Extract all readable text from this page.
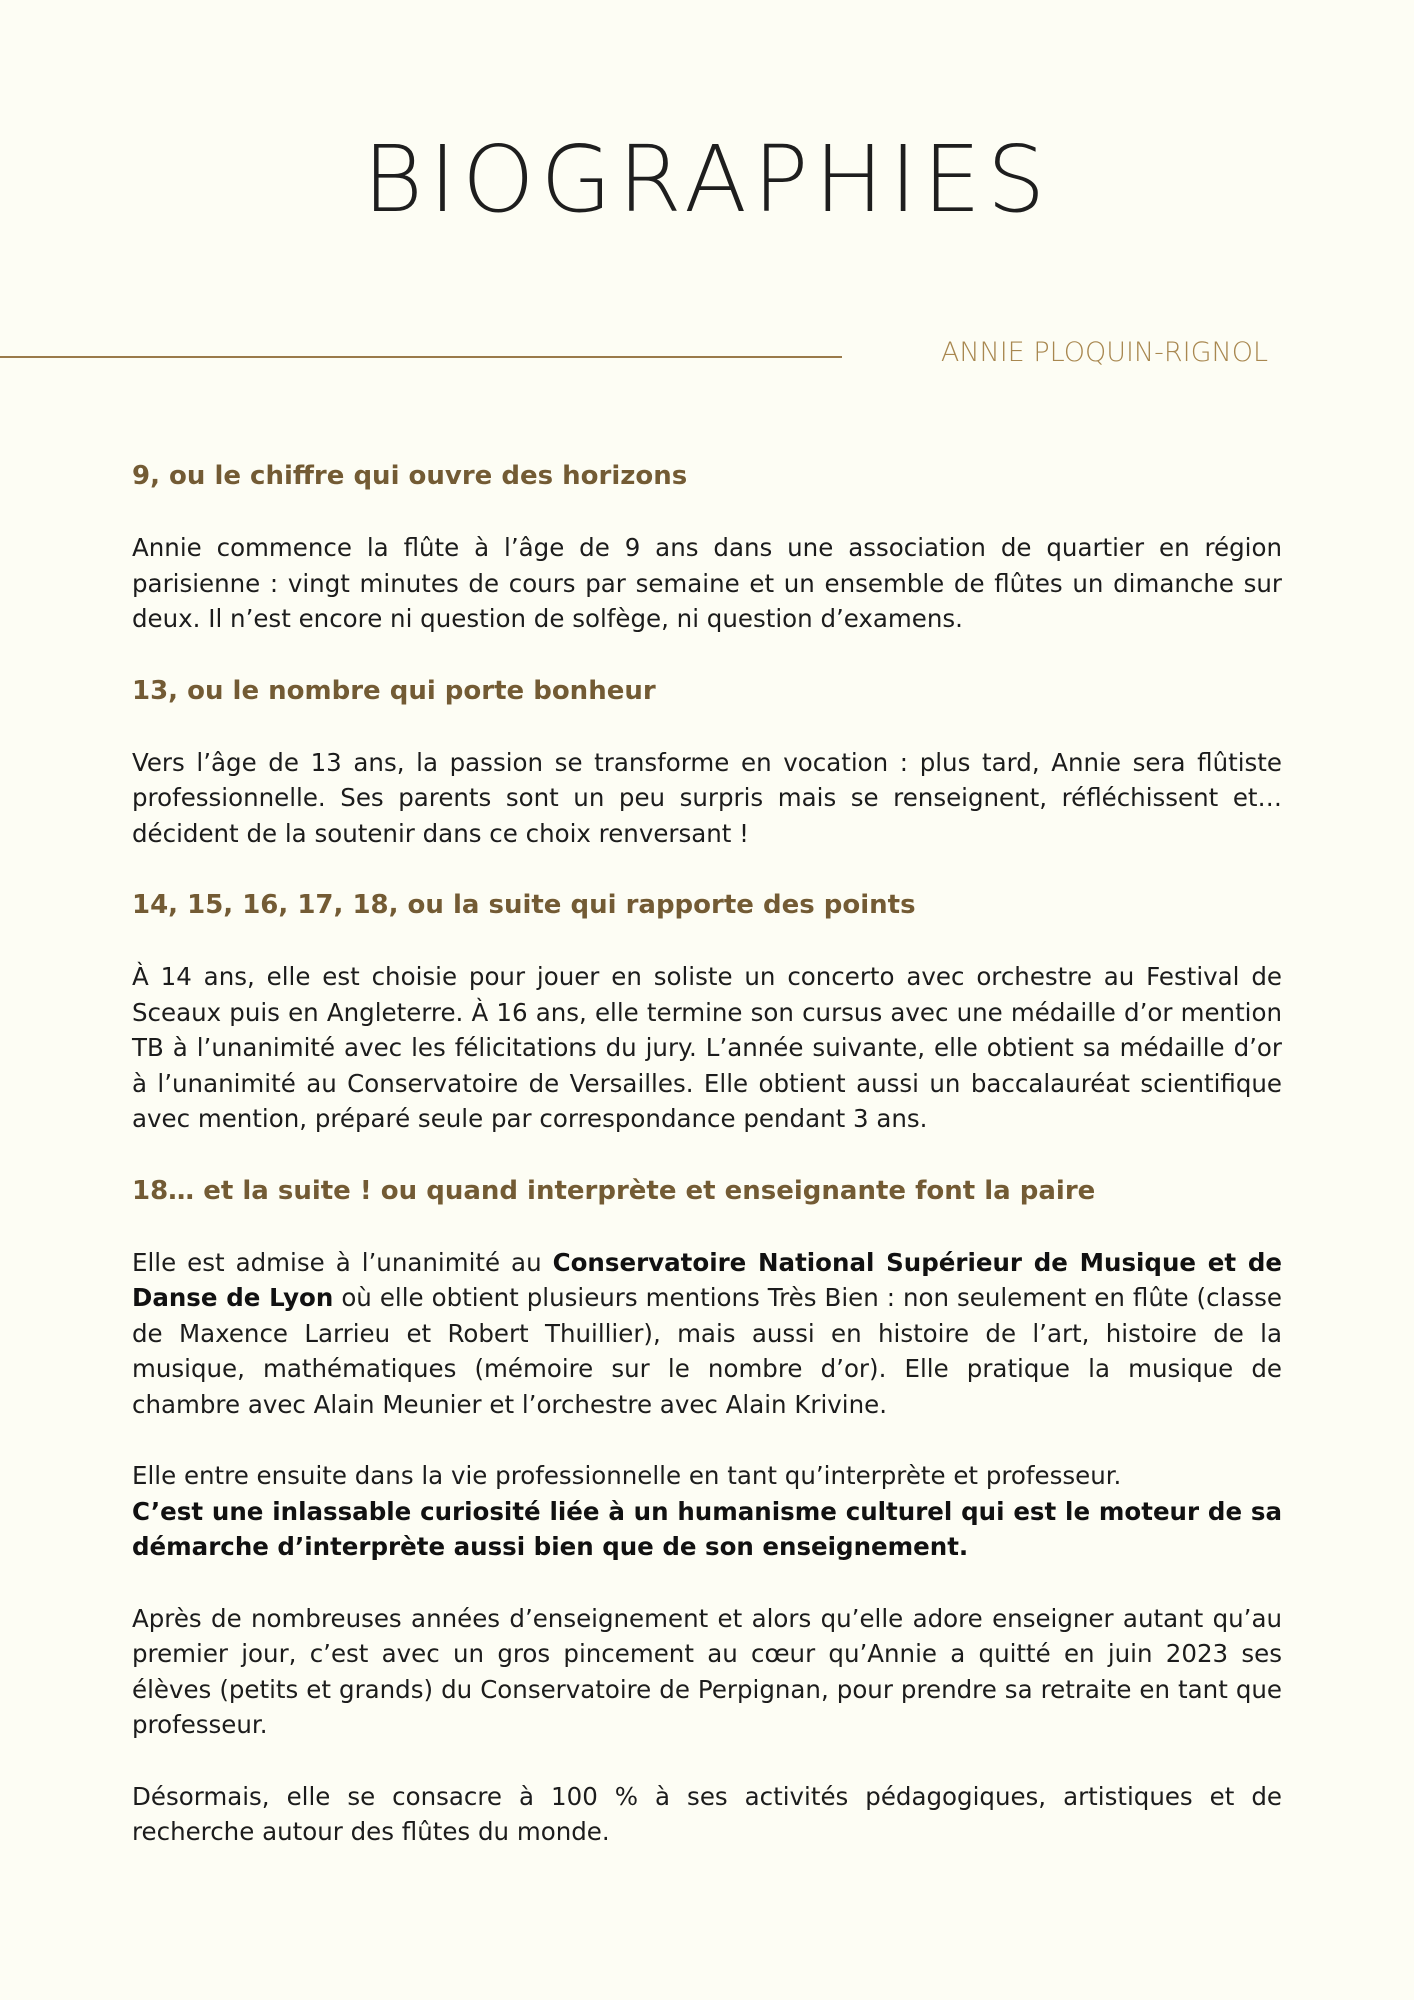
BIOGRAPHIES
ANNIE PLOQUIN-RIGNOL
9, ou le chiffre qui ouvre des horizons

Annie commence la flûte à l’âge de 9 ans dans une association de quartier en région parisienne : vingt minutes de cours par semaine et un ensemble de flûtes un dimanche sur deux. Il n’est encore ni question de solfège, ni question d’examens.

13, ou le nombre qui porte bonheur

Vers l’âge de 13 ans, la passion se transforme en vocation : plus tard, Annie sera flûtiste professionnelle. Ses parents sont un peu surpris mais se renseignent, réfléchissent et… décident de la soutenir dans ce choix renversant !

14, 15, 16, 17, 18, ou la suite qui rapporte des points

À 14 ans, elle est choisie pour jouer en soliste un concerto avec orchestre au Festival de Sceaux puis en Angleterre. À 16 ans, elle termine son cursus avec une médaille d’or mention TB à l’unanimité avec les félicitations du jury. L’année suivante, elle obtient sa médaille d’or à l’unanimité au Conservatoire de Versailles. Elle obtient aussi un baccalauréat scientifique avec mention, préparé seule par correspondance pendant 3 ans.

18… et la suite ! ou quand interprète et enseignante font la paire

Elle est admise à l’unanimité au Conservatoire National Supérieur de Musique et de Danse de Lyon où elle obtient plusieurs mentions Très Bien : non seulement en flûte (classe de Maxence Larrieu et Robert Thuillier), mais aussi en histoire de l’art, histoire de la musique, mathématiques (mémoire sur le nombre d’or). Elle pratique la musique de chambre avec Alain Meunier et l’orchestre avec Alain Krivine.

Elle entre ensuite dans la vie professionnelle en tant qu’interprète et professeur.
C’est une inlassable curiosité liée à un humanisme culturel qui est le moteur de sa démarche d’interprète aussi bien que de son enseignement.

Après de nombreuses années d’enseignement et alors qu’elle adore enseigner autant qu’au premier jour, c’est avec un gros pincement au cœur qu’Annie a quitté en juin 2023 ses élèves (petits et grands) du Conservatoire de Perpignan, pour prendre sa retraite en tant que professeur.

Désormais, elle se consacre à 100 % à ses activités pédagogiques, artistiques et de recherche autour des flûtes du monde.
